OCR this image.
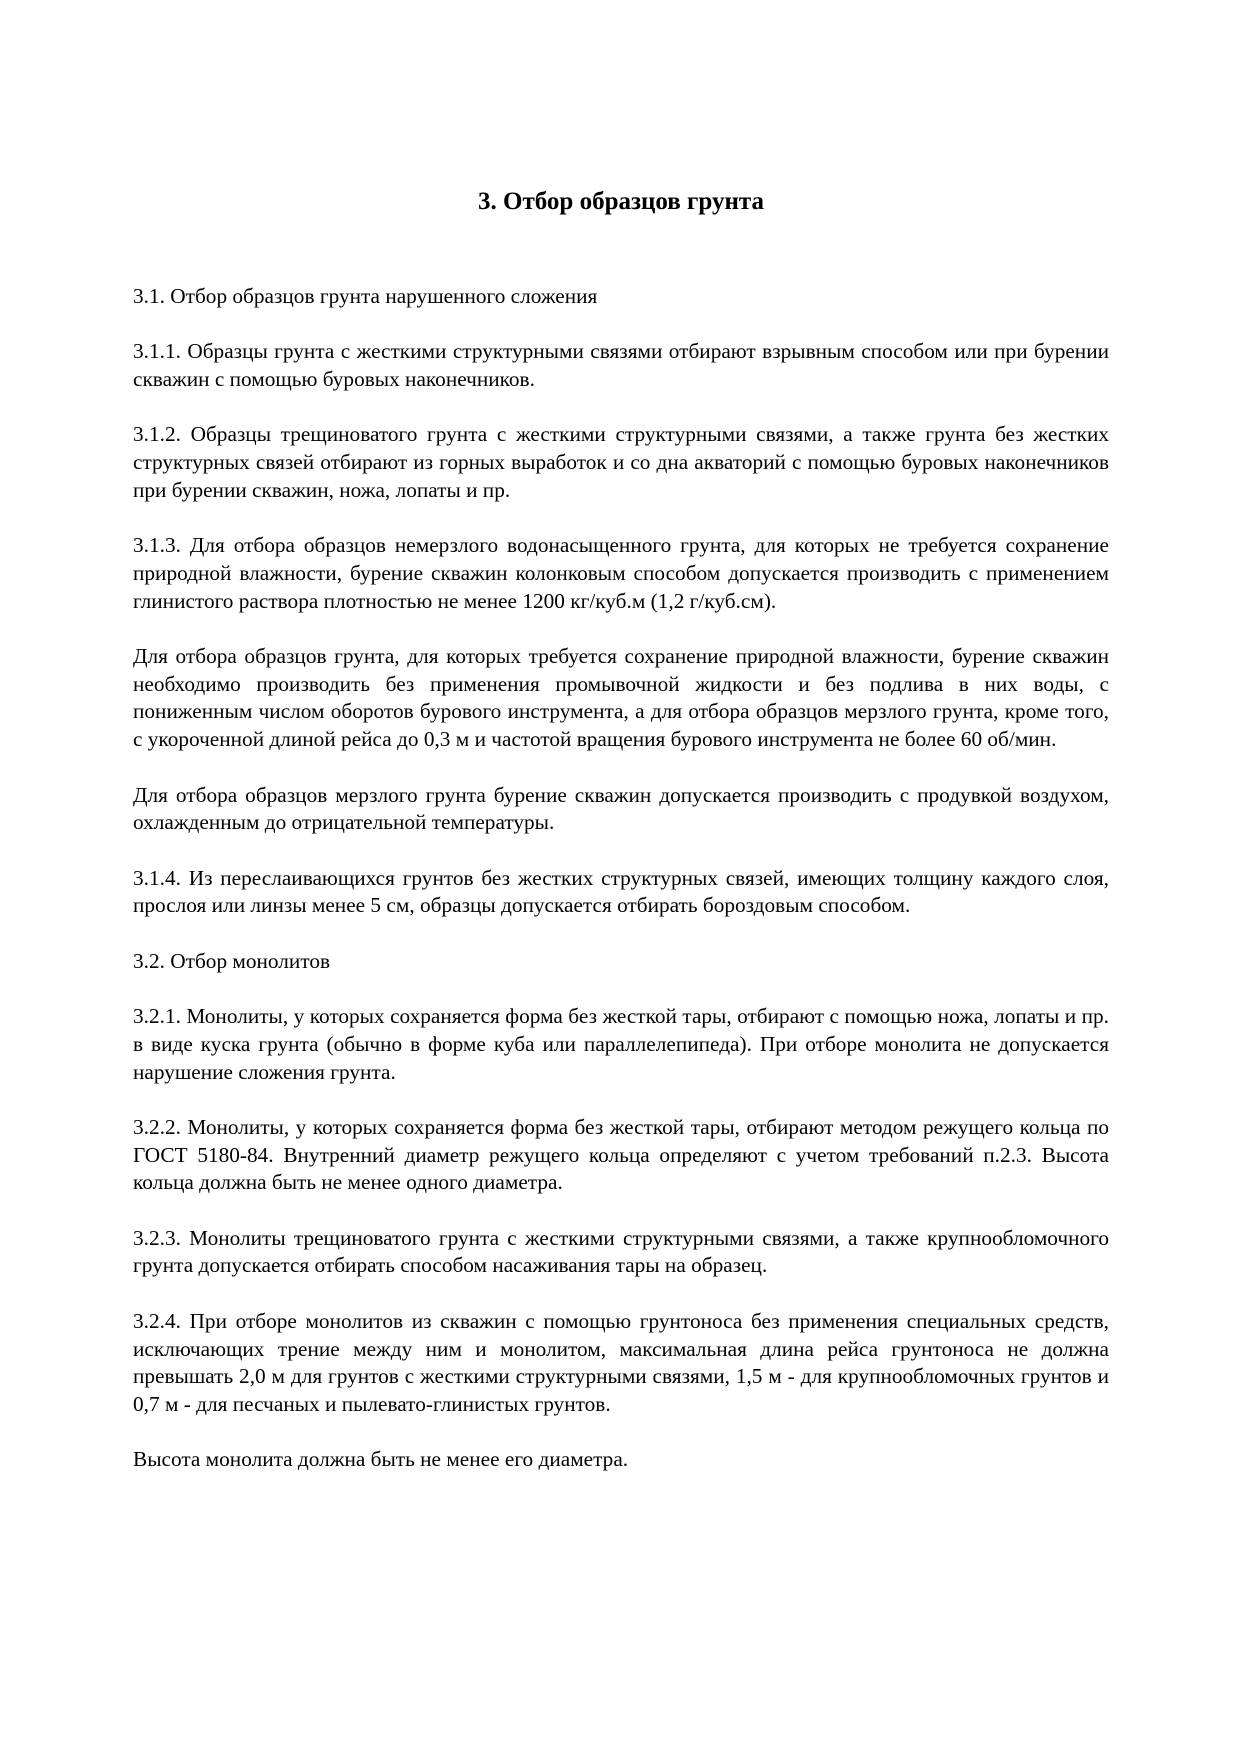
3. Отбор образцов грунта

3.1. Отбор образцов грунта нарушенного сложения

3.1.1. Образцы грунта с жесткими структурными связями отбирают взрывным способом или при бурении скважин с помощью буровых наконечников.

3.1.2. Образцы трещиноватого грунта с жесткими структурными связями, а также грунта без жестких структурных связей отбирают из горных выработок и со дна акваторий с помощью буровых наконечников при бурении скважин, ножа, лопаты и пр.

3.1.3. Для отбора образцов немерзлого водонасыщенного грунта, для которых не требуется сохранение природной влажности, бурение скважин колонковым способом допускается производить с применением глинистого раствора плотностью не менее 1200 кг/куб.м (1,2 г/куб.см).

Для отбора образцов грунта, для которых требуется сохранение природной влажности, бурение скважин необходимо производить без применения промывочной жидкости и без подлива в них воды, с пониженным числом оборотов бурового инструмента, а для отбора образцов мерзлого грунта, кроме того, с укороченной длиной рейса до 0,3 м и частотой вращения бурового инструмента не более 60 об/мин.

Для отбора образцов мерзлого грунта бурение скважин допускается производить с продувкой воздухом, охлажденным до отрицательной температуры.

3.1.4. Из переслаивающихся грунтов без жестких структурных связей, имеющих толщину каждого слоя, прослоя или линзы менее 5 см, образцы допускается отбирать бороздовым способом.

3.2. Отбор монолитов

3.2.1. Монолиты, у которых сохраняется форма без жесткой тары, отбирают с помощью ножа, лопаты и пр. в виде куска грунта (обычно в форме куба или параллелепипеда). При отборе монолита не допускается нарушение сложения грунта.

3.2.2. Монолиты, у которых сохраняется форма без жесткой тары, отбирают методом режущего кольца по ГОСТ 5180-84. Внутренний диаметр режущего кольца определяют с учетом требований п.2.3. Высота кольца должна быть не менее одного диаметра.

3.2.3. Монолиты трещиноватого грунта с жесткими структурными связями, а также крупнообломочного грунта допускается отбирать способом насаживания тары на образец.

3.2.4. При отборе монолитов из скважин с помощью грунтоноса без применения специальных средств, исключающих трение между ним и монолитом, максимальная длина рейса грунтоноса не должна превышать 2,0 м для грунтов с жесткими структурными связями, 1,5 м - для крупнообломочных грунтов и 0,7 м - для песчаных и пылевато-глинистых грунтов.

Высота монолита должна быть не менее его диаметра.
